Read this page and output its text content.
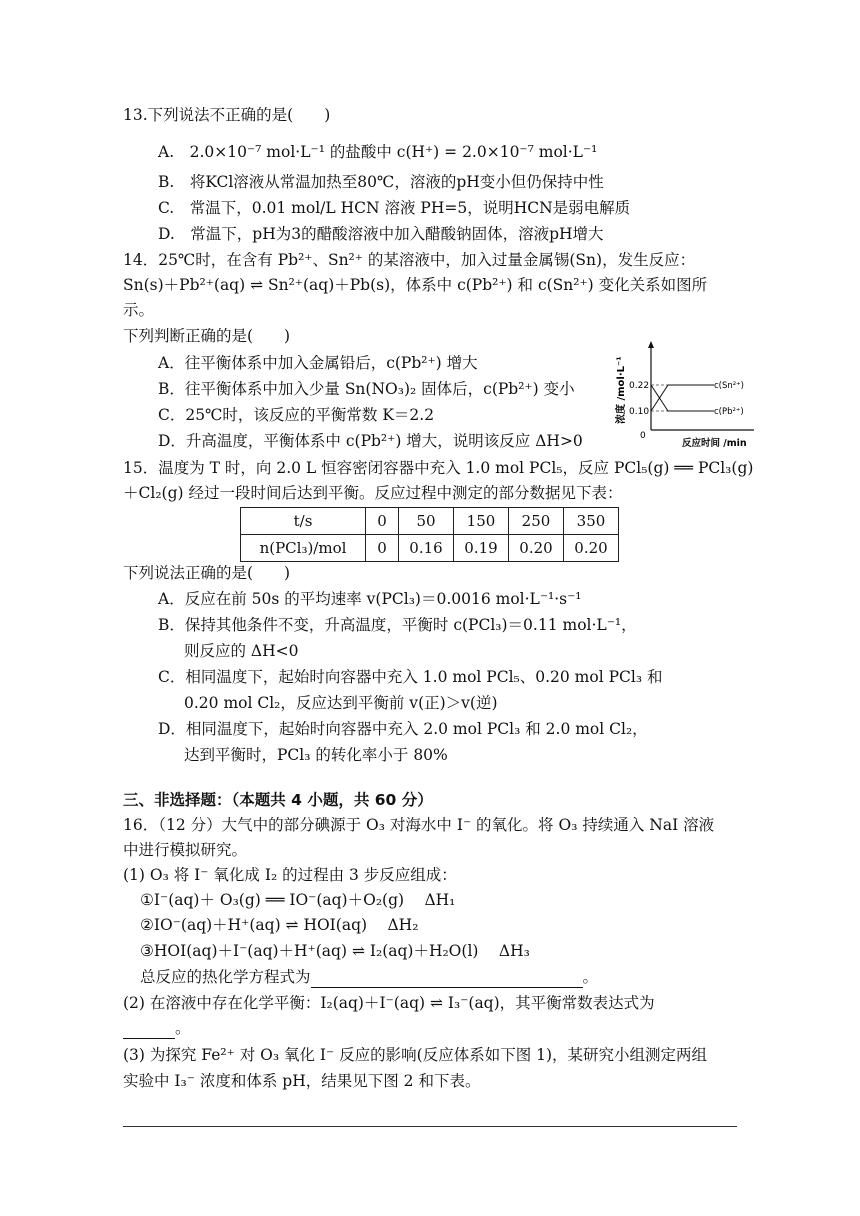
13.下列说法不正确的是(　　)
A.　2.0×10⁻⁷ mol·L⁻¹ 的盐酸中 c(H⁺) = 2.0×10⁻⁷ mol·L⁻¹
B.　将KCl溶液从常温加热至80℃，溶液的pH变小但仍保持中性
C.　常温下，0.01 mol/L HCN 溶液 PH=5，说明HCN是弱电解质
D.　常温下，pH为3的醋酸溶液中加入醋酸钠固体，溶液pH增大
14．25℃时，在含有 Pb²⁺、Sn²⁺ 的某溶液中，加入过量金属锡(Sn)，发生反应：
Sn(s)＋Pb²⁺(aq) ⇌ Sn²⁺(aq)＋Pb(s)，体系中 c(Pb²⁺) 和 c(Sn²⁺) 变化关系如图所
示。
下列判断正确的是(　　)
A．往平衡体系中加入金属铅后，c(Pb²⁺) 增大
B．往平衡体系中加入少量 Sn(NO₃)₂ 固体后，c(Pb²⁺) 变小
C．25℃时，该反应的平衡常数 K＝2.2
D．升高温度，平衡体系中 c(Pb²⁺) 增大，说明该反应 ΔH>0
浓度 /mol·L⁻¹
0
0.22
0.10
c(Sn²⁺)
c(Pb²⁺)
反应时间 /min
15．温度为 T 时，向 2.0 L 恒容密闭容器中充入 1.0 mol PCl₅，反应 PCl₅(g) ══ PCl₃(g)
＋Cl₂(g) 经过一段时间后达到平衡。反应过程中测定的部分数据见下表：
t/s	0	50	150	250	350
n(PCl₃)/mol	0	0.16	0.19	0.20	0.20
下列说法正确的是(　　)
A．反应在前 50s 的平均速率 v(PCl₃)＝0.0016 mol·L⁻¹·s⁻¹
B．保持其他条件不变，升高温度，平衡时 c(PCl₃)＝0.11 mol·L⁻¹，
则反应的 ΔH<0
C．相同温度下，起始时向容器中充入 1.0 mol PCl₅、0.20 mol PCl₃ 和
0.20 mol Cl₂，反应达到平衡前 v(正)＞v(逆)
D．相同温度下，起始时向容器中充入 2.0 mol PCl₃ 和 2.0 mol Cl₂，
达到平衡时，PCl₃ 的转化率小于 80%
三、非选择题：（本题共 4 小题，共 60 分）
16．（12 分）大气中的部分碘源于 O₃ 对海水中 I⁻ 的氧化。将 O₃ 持续通入 NaI 溶液
中进行模拟研究。
(1) O₃ 将 I⁻ 氧化成 I₂ 的过程由 3 步反应组成：
①I⁻(aq)＋ O₃(g) ══ IO⁻(aq)＋O₂(g)　 ΔH₁
②IO⁻(aq)＋H⁺(aq) ⇌ HOI(aq)　 ΔH₂
③HOI(aq)＋I⁻(aq)＋H⁺(aq) ⇌ I₂(aq)＋H₂O(l)　 ΔH₃
总反应的热化学方程式为	。
(2) 在溶液中存在化学平衡：I₂(aq)＋I⁻(aq) ⇌ I₃⁻(aq)，其平衡常数表达式为
。
(3) 为探究 Fe²⁺ 对 O₃ 氧化 I⁻ 反应的影响(反应体系如下图 1)，某研究小组测定两组
实验中 I₃⁻ 浓度和体系 pH，结果见下图 2 和下表。
